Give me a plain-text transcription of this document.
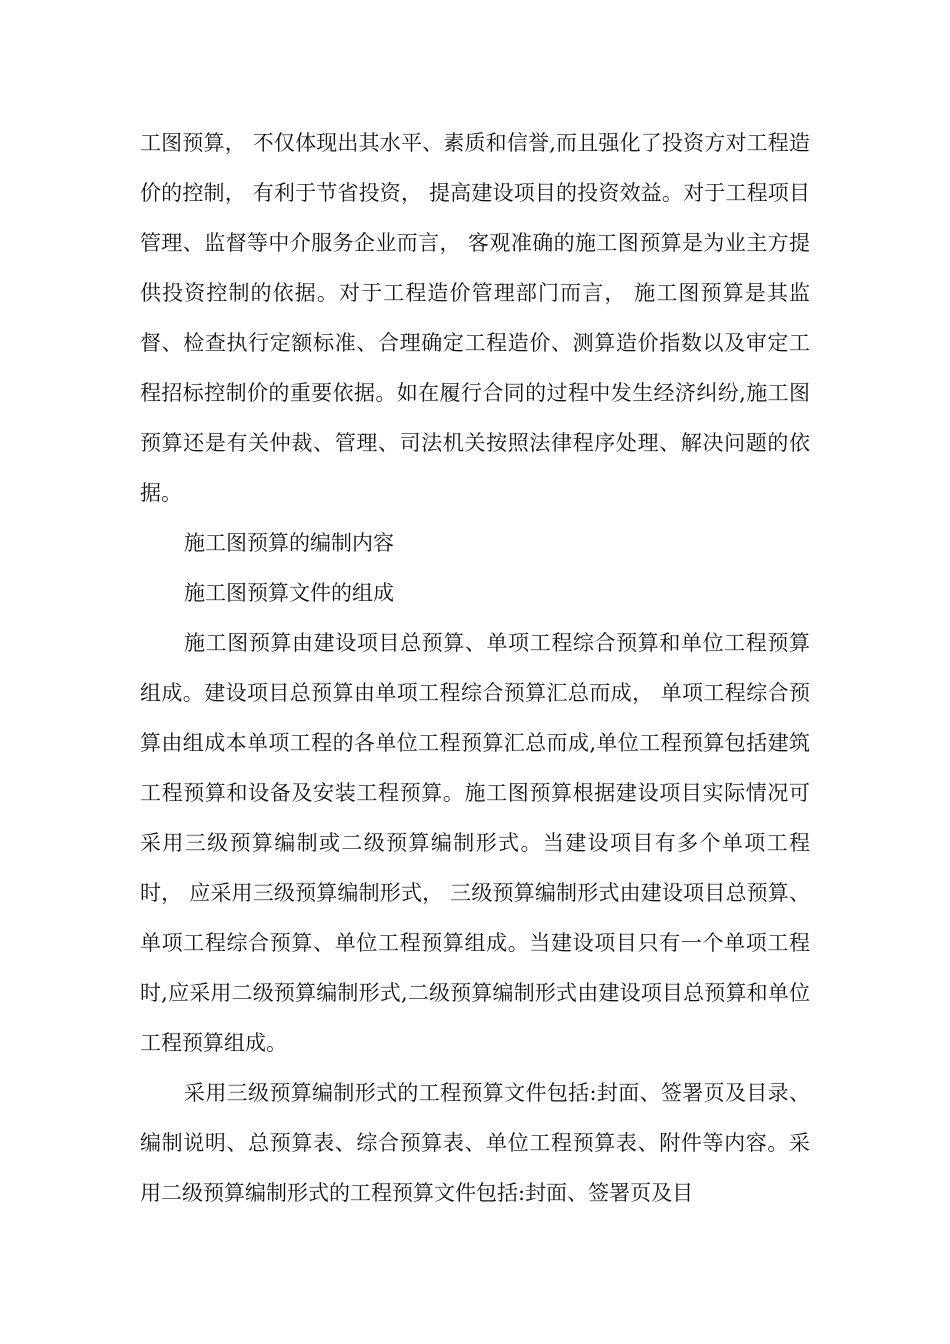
工图预算， 不仅体现出其水平、素质和信誉,而且强化了投资方对工程造价的控制， 有利于节省投资， 提高建设项目的投资效益。对于工程项目管理、监督等中介服务企业而言， 客观准确的施工图预算是为业主方提供投资控制的依据。对于工程造价管理部门而言， 施工图预算是其监督、检查执行定额标准、合理确定工程造价、测算造价指数以及审定工程招标控制价的重要依据。如在履行合同的过程中发生经济纠纷,施工图预算还是有关仲裁、管理、司法机关按照法律程序处理、解决问题的依据。

施工图预算的编制内容

施工图预算文件的组成

施工图预算由建设项目总预算、单项工程综合预算和单位工程预算组成。建设项目总预算由单项工程综合预算汇总而成， 单项工程综合预算由组成本单项工程的各单位工程预算汇总而成,单位工程预算包括建筑工程预算和设备及安装工程预算。施工图预算根据建设项目实际情况可采用三级预算编制或二级预算编制形式。当建设项目有多个单项工程时， 应采用三级预算编制形式， 三级预算编制形式由建设项目总预算、单项工程综合预算、单位工程预算组成。当建设项目只有一个单项工程时,应采用二级预算编制形式,二级预算编制形式由建设项目总预算和单位工程预算组成。

采用三级预算编制形式的工程预算文件包括:封面、签署页及目录、编制说明、总预算表、综合预算表、单位工程预算表、附件等内容。采用二级预算编制形式的工程预算文件包括:封面、签署页及目
